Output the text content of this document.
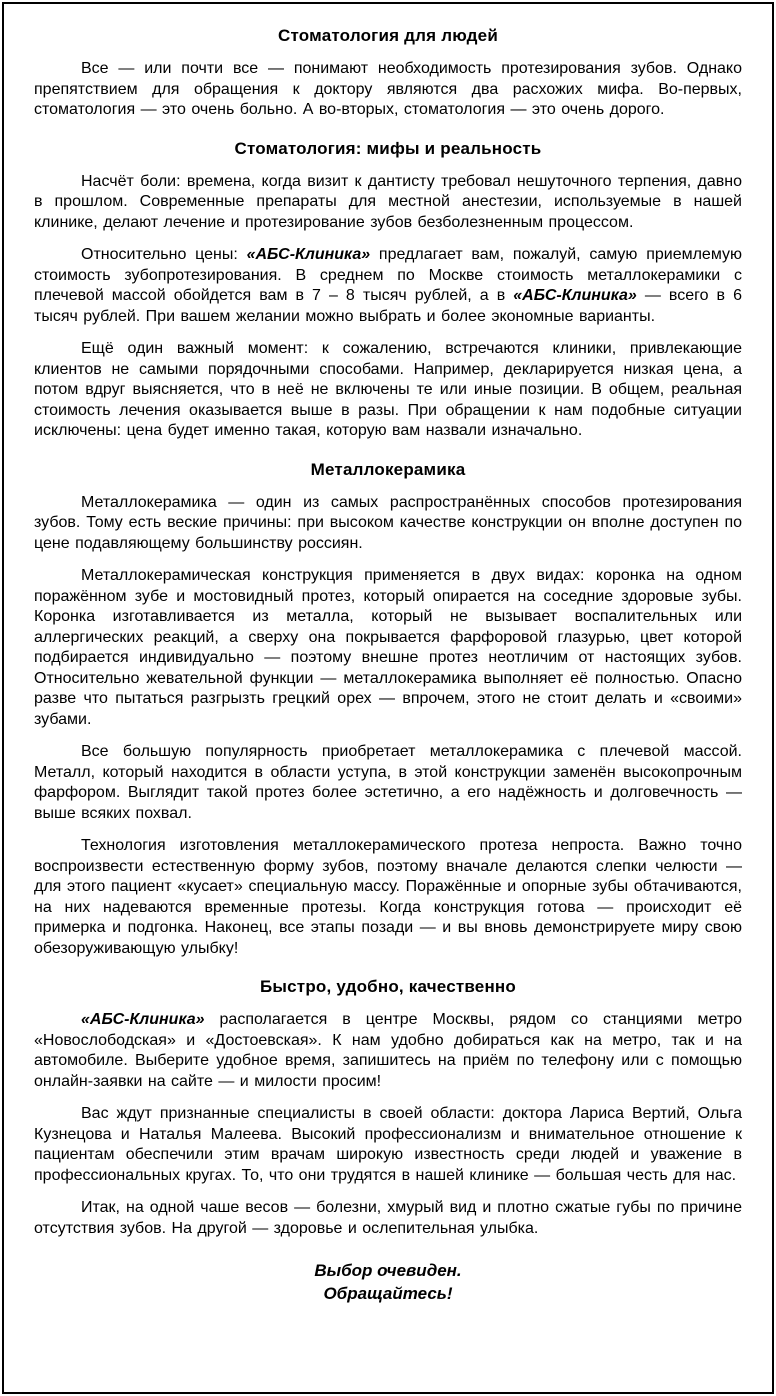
Стоматология для людей

Все — или почти все — понимают необходимость протезирования зубов. Однако препятствием для обращения к доктору являются два расхожих мифа. Во-первых, стоматология — это очень больно. А во-вторых, стоматология — это очень дорого.

Стоматология: мифы и реальность

Насчёт боли: времена, когда визит к дантисту требовал нешуточного терпения, давно в прошлом. Современные препараты для местной анестезии, используемые в нашей клинике, делают лечение и протезирование зубов безболезненным процессом.

Относительно цены: «АБС-Клиника» предлагает вам, пожалуй, самую приемлемую стоимость зубопротезирования. В среднем по Москве стоимость металлокерамики с плечевой массой обойдется вам в 7 – 8 тысяч рублей, а в «АБС-Клиника» — всего в 6 тысяч рублей. При вашем желании можно выбрать и более экономные варианты.

Ещё один важный момент: к сожалению, встречаются клиники, привлекающие клиентов не самыми порядочными способами. Например, декларируется низкая цена, а потом вдруг выясняется, что в неё не включены те или иные позиции. В общем, реальная стоимость лечения оказывается выше в разы. При обращении к нам подобные ситуации исключены: цена будет именно такая, которую вам назвали изначально.

Металлокерамика

Металлокерамика — один из самых распространённых способов протезирования зубов. Тому есть веские причины: при высоком качестве конструкции он вполне доступен по цене подавляющему большинству россиян.

Металлокерамическая конструкция применяется в двух видах: коронка на одном поражённом зубе и мостовидный протез, который опирается на соседние здоровые зубы. Коронка изготавливается из металла, который не вызывает воспалительных или аллергических реакций, а сверху она покрывается фарфоровой глазурью, цвет которой подбирается индивидуально — поэтому внешне протез неотличим от настоящих зубов. Относительно жевательной функции — металлокерамика выполняет её полностью. Опасно разве что пытаться разгрызть грецкий орех — впрочем, этого не стоит делать и «своими» зубами.

Все большую популярность приобретает металлокерамика с плечевой массой. Металл, который находится в области уступа, в этой конструкции заменён высокопрочным фарфором. Выглядит такой протез более эстетично, а его надёжность и долговечность — выше всяких похвал.

Технология изготовления металлокерамического протеза непроста. Важно точно воспроизвести естественную форму зубов, поэтому вначале делаются слепки челюсти — для этого пациент «кусает» специальную массу. Поражённые и опорные зубы обтачиваются, на них надеваются временные протезы. Когда конструкция готова — происходит её примерка и подгонка. Наконец, все этапы позади — и вы вновь демонстрируете миру свою обезоруживающую улыбку!

Быстро, удобно, качественно

«АБС-Клиника» располагается в центре Москвы, рядом со станциями метро «Новослободская» и «Достоевская». К нам удобно добираться как на метро, так и на автомобиле. Выберите удобное время, запишитесь на приём по телефону или с помощью онлайн-заявки на сайте — и милости просим!

Вас ждут признанные специалисты в своей области: доктора Лариса Вертий, Ольга Кузнецова и Наталья Малеева. Высокий профессионализм и внимательное отношение к пациентам обеспечили этим врачам широкую известность среди людей и уважение в профессиональных кругах. То, что они трудятся в нашей клинике — большая честь для нас.

Итак, на одной чаше весов — болезни, хмурый вид и плотно сжатые губы по причине отсутствия зубов. На другой — здоровье и ослепительная улыбка.

Выбор очевиден.
Обращайтесь!
